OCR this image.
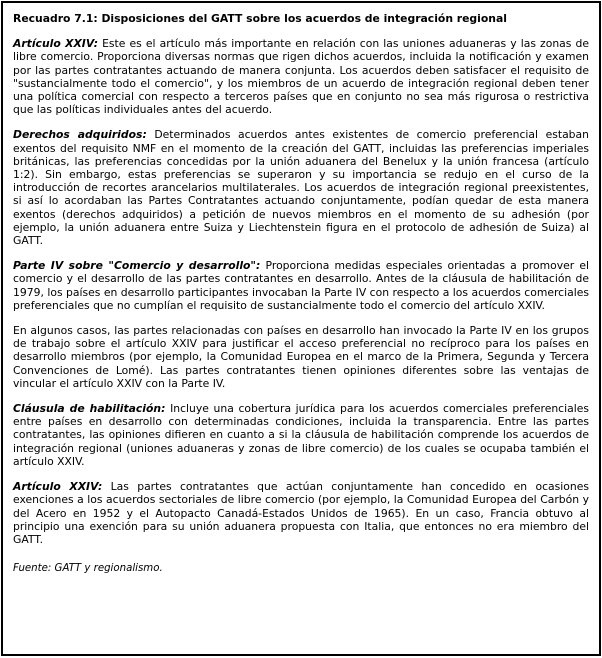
Recuadro 7.1: Disposiciones del GATT sobre los acuerdos de integración regional

Artículo XXIV: Este es el artículo más importante en relación con las uniones aduaneras y las zonas de libre comercio. Proporciona diversas normas que rigen dichos acuerdos, incluida la notificación y examen por las partes contratantes actuando de manera conjunta. Los acuerdos deben satisfacer el requisito de "sustancialmente todo el comercio", y los miembros de un acuerdo de integración regional deben tener una política comercial con respecto a terceros países que en conjunto no sea más rigurosa o restrictiva que las políticas individuales antes del acuerdo.

Derechos adquiridos: Determinados acuerdos antes existentes de comercio preferencial estaban exentos del requisito NMF en el momento de la creación del GATT, incluidas las preferencias imperiales británicas, las preferencias concedidas por la unión aduanera del Benelux y la unión francesa (artículo 1:2). Sin embargo, estas preferencias se superaron y su importancia se redujo en el curso de la introducción de recortes arancelarios multilaterales. Los acuerdos de integración regional preexistentes, si así lo acordaban las Partes Contratantes actuando conjuntamente, podían quedar de esta manera exentos (derechos adquiridos) a petición de nuevos miembros en el momento de su adhesión (por ejemplo, la unión aduanera entre Suiza y Liechtenstein figura en el protocolo de adhesión de Suiza) al GATT.

Parte IV sobre "Comercio y desarrollo": Proporciona medidas especiales orientadas a promover el comercio y el desarrollo de las partes contratantes en desarrollo. Antes de la cláusula de habilitación de 1979, los países en desarrollo participantes invocaban la Parte IV con respecto a los acuerdos comerciales preferenciales que no cumplían el requisito de sustancialmente todo el comercio del artículo XXIV.

En algunos casos, las partes relacionadas con países en desarrollo han invocado la Parte IV en los grupos de trabajo sobre el artículo XXIV para justificar el acceso preferencial no recíproco para los países en desarrollo miembros (por ejemplo, la Comunidad Europea en el marco de la Primera, Segunda y Tercera Convenciones de Lomé). Las partes contratantes tienen opiniones diferentes sobre las ventajas de vincular el artículo XXIV con la Parte IV.

Cláusula de habilitación: Incluye una cobertura jurídica para los acuerdos comerciales preferenciales entre países en desarrollo con determinadas condiciones, incluida la transparencia. Entre las partes contratantes, las opiniones difieren en cuanto a si la cláusula de habilitación comprende los acuerdos de integración regional (uniones aduaneras y zonas de libre comercio) de los cuales se ocupaba también el artículo XXIV.

Artículo XXIV: Las partes contratantes que actúan conjuntamente han concedido en ocasiones exenciones a los acuerdos sectoriales de libre comercio (por ejemplo, la Comunidad Europea del Carbón y del Acero en 1952 y el Autopacto Canadá-Estados Unidos de 1965). En un caso, Francia obtuvo al principio una exención para su unión aduanera propuesta con Italia, que entonces no era miembro del GATT.

Fuente: GATT y regionalismo.
